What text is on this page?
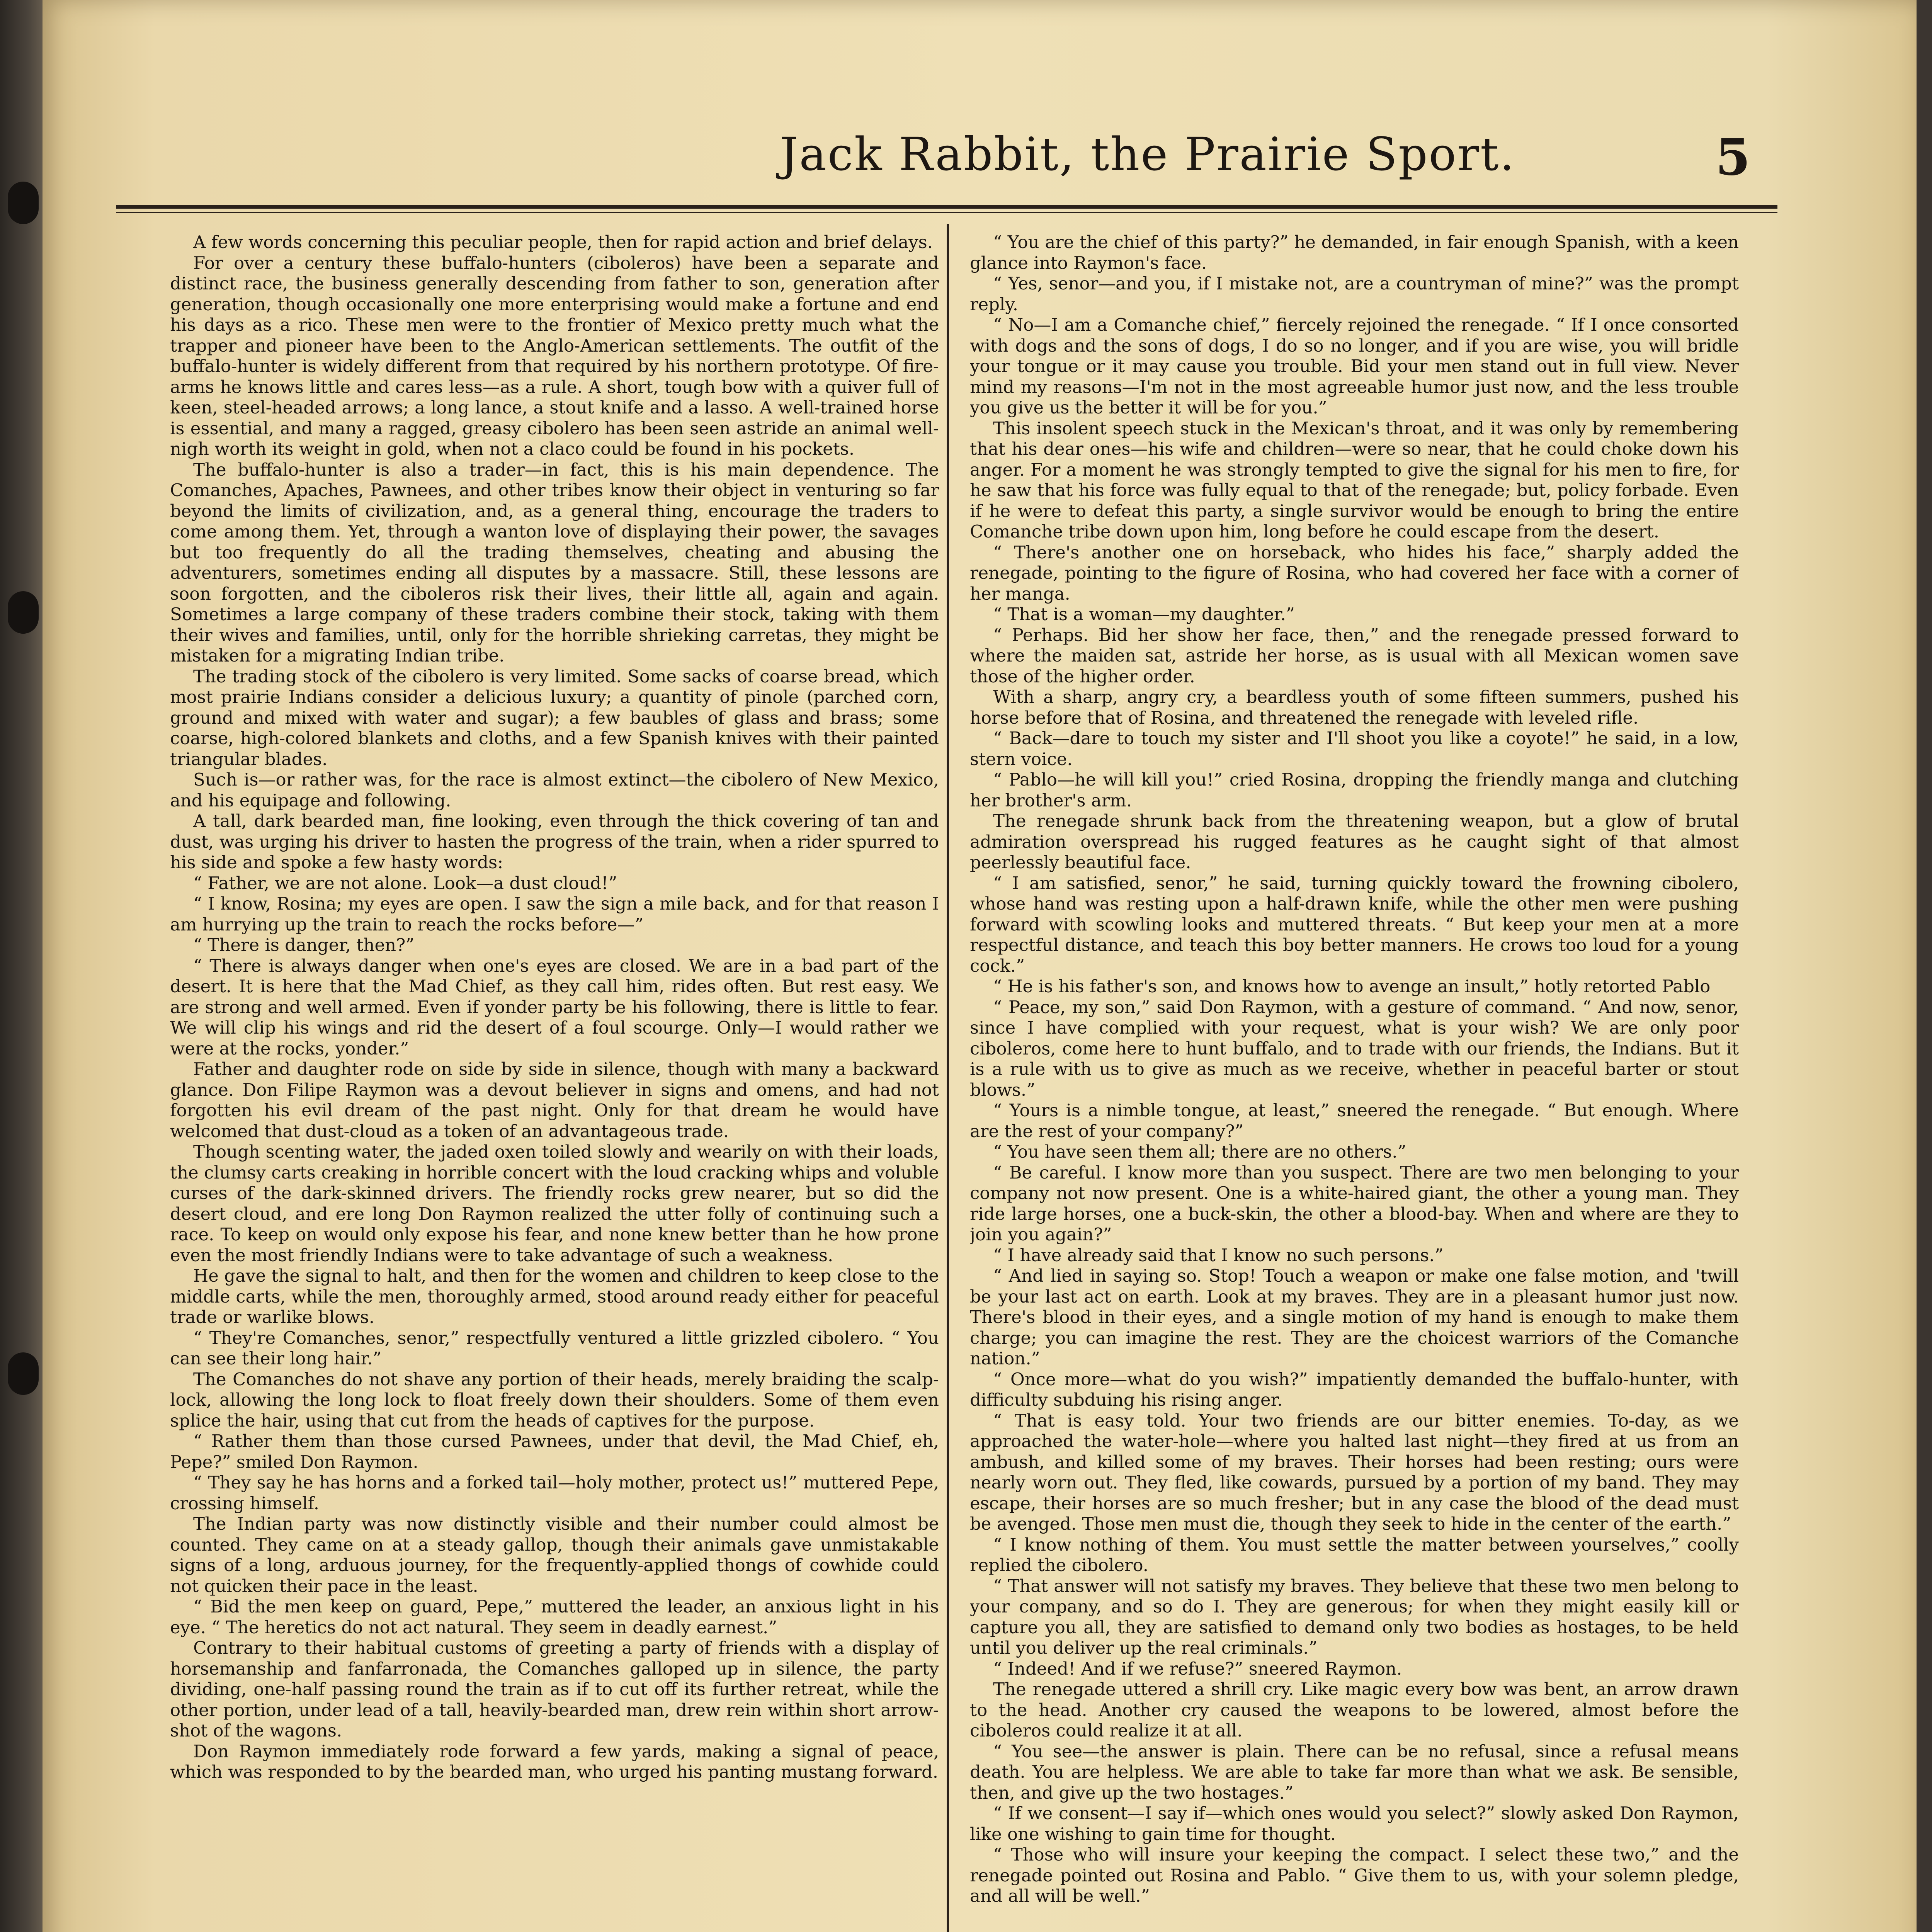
Jack Rabbit, the Prairie Sport.	5

A few words concerning this peculiar people, then for rapid action and brief delays.

For over a century these buffalo-hunters (ciboleros) have been a separate and distinct race, the business generally descending from father to son, generation after generation, though occasionally one more enterprising would make a fortune and end his days as a rico. These men were to the frontier of Mexico pretty much what the trapper and pioneer have been to the Anglo-American settlements. The outfit of the buffalo-hunter is widely different from that required by his northern prototype. Of fire-arms he knows little and cares less—as a rule. A short, tough bow with a quiver full of keen, steel-headed arrows; a long lance, a stout knife and a lasso. A well-trained horse is essential, and many a ragged, greasy cibolero has been seen astride an animal well-nigh worth its weight in gold, when not a claco could be found in his pockets.

The buffalo-hunter is also a trader—in fact, this is his main dependence. The Comanches, Apaches, Pawnees, and other tribes know their object in venturing so far beyond the limits of civilization, and, as a general thing, encourage the traders to come among them. Yet, through a wanton love of displaying their power, the savages but too frequently do all the trading themselves, cheating and abusing the adventurers, sometimes ending all disputes by a massacre. Still, these lessons are soon forgotten, and the ciboleros risk their lives, their little all, again and again. Sometimes a large company of these traders combine their stock, taking with them their wives and families, until, only for the horrible shrieking carretas, they might be mistaken for a migrating Indian tribe.

The trading stock of the cibolero is very limited. Some sacks of coarse bread, which most prairie Indians consider a delicious luxury; a quantity of pinole (parched corn, ground and mixed with water and sugar); a few baubles of glass and brass; some coarse, high-colored blankets and cloths, and a few Spanish knives with their painted triangular blades.

Such is—or rather was, for the race is almost extinct—the cibolero of New Mexico, and his equipage and following.

A tall, dark bearded man, fine looking, even through the thick covering of tan and dust, was urging his driver to hasten the progress of the train, when a rider spurred to his side and spoke a few hasty words:

“ Father, we are not alone. Look—a dust cloud!”

“ I know, Rosina; my eyes are open. I saw the sign a mile back, and for that reason I am hurrying up the train to reach the rocks before—”

“ There is danger, then?”

“ There is always danger when one's eyes are closed. We are in a bad part of the desert. It is here that the Mad Chief, as they call him, rides often. But rest easy. We are strong and well armed. Even if yonder party be his following, there is little to fear. We will clip his wings and rid the desert of a foul scourge. Only—I would rather we were at the rocks, yonder.”

Father and daughter rode on side by side in silence, though with many a backward glance. Don Filipe Raymon was a devout believer in signs and omens, and had not forgotten his evil dream of the past night. Only for that dream he would have welcomed that dust-cloud as a token of an advantageous trade.

Though scenting water, the jaded oxen toiled slowly and wearily on with their loads, the clumsy carts creaking in horrible concert with the loud cracking whips and voluble curses of the dark-skinned drivers. The friendly rocks grew nearer, but so did the desert cloud, and ere long Don Raymon realized the utter folly of continuing such a race. To keep on would only expose his fear, and none knew better than he how prone even the most friendly Indians were to take advantage of such a weakness.

He gave the signal to halt, and then for the women and children to keep close to the middle carts, while the men, thoroughly armed, stood around ready either for peaceful trade or warlike blows.

“ They're Comanches, senor,” respectfully ventured a little grizzled cibolero. “ You can see their long hair.”

The Comanches do not shave any portion of their heads, merely braiding the scalp-lock, allowing the long lock to float freely down their shoulders. Some of them even splice the hair, using that cut from the heads of captives for the purpose.

“ Rather them than those cursed Pawnees, under that devil, the Mad Chief, eh, Pepe?” smiled Don Raymon.

“ They say he has horns and a forked tail—holy mother, protect us!” muttered Pepe, crossing himself.

The Indian party was now distinctly visible and their number could almost be counted. They came on at a steady gallop, though their animals gave unmistakable signs of a long, arduous journey, for the frequently-applied thongs of cowhide could not quicken their pace in the least.

“ Bid the men keep on guard, Pepe,” muttered the leader, an anxious light in his eye. “ The heretics do not act natural. They seem in deadly earnest.”

Contrary to their habitual customs of greeting a party of friends with a display of horsemanship and fanfarronada, the Comanches galloped up in silence, the party dividing, one-half passing round the train as if to cut off its further retreat, while the other portion, under lead of a tall, heavily-bearded man, drew rein within short arrow-shot of the wagons.

Don Raymon immediately rode forward a few yards, making a signal of peace, which was responded to by the bearded man, who urged his panting mustang forward.

“ You are the chief of this party?” he demanded, in fair enough Spanish, with a keen glance into Raymon's face.

“ Yes, senor—and you, if I mistake not, are a countryman of mine?” was the prompt reply.

“ No—I am a Comanche chief,” fiercely rejoined the renegade. “ If I once consorted with dogs and the sons of dogs, I do so no longer, and if you are wise, you will bridle your tongue or it may cause you trouble. Bid your men stand out in full view. Never mind my reasons—I'm not in the most agreeable humor just now, and the less trouble you give us the better it will be for you.”

This insolent speech stuck in the Mexican's throat, and it was only by remembering that his dear ones—his wife and children—were so near, that he could choke down his anger. For a moment he was strongly tempted to give the signal for his men to fire, for he saw that his force was fully equal to that of the renegade; but, policy forbade. Even if he were to defeat this party, a single survivor would be enough to bring the entire Comanche tribe down upon him, long before he could escape from the desert.

“ There's another one on horseback, who hides his face,” sharply added the renegade, pointing to the figure of Rosina, who had covered her face with a corner of her manga.

“ That is a woman—my daughter.”

“ Perhaps. Bid her show her face, then,” and the renegade pressed forward to where the maiden sat, astride her horse, as is usual with all Mexican women save those of the higher order.

With a sharp, angry cry, a beardless youth of some fifteen summers, pushed his horse before that of Rosina, and threatened the renegade with leveled rifle.

“ Back—dare to touch my sister and I'll shoot you like a coyote!” he said, in a low, stern voice.

“ Pablo—he will kill you!” cried Rosina, dropping the friendly manga and clutching her brother's arm.

The renegade shrunk back from the threatening weapon, but a glow of brutal admiration overspread his rugged features as he caught sight of that almost peerlessly beautiful face.

“ I am satisfied, senor,” he said, turning quickly toward the frowning cibolero, whose hand was resting upon a half-drawn knife, while the other men were pushing forward with scowling looks and muttered threats. “ But keep your men at a more respectful distance, and teach this boy better manners. He crows too loud for a young cock.”

“ He is his father's son, and knows how to avenge an insult,” hotly retorted Pablo

“ Peace, my son,” said Don Raymon, with a gesture of command. “ And now, senor, since I have complied with your request, what is your wish? We are only poor ciboleros, come here to hunt buffalo, and to trade with our friends, the Indians. But it is a rule with us to give as much as we receive, whether in peaceful barter or stout blows.”

“ Yours is a nimble tongue, at least,” sneered the renegade. “ But enough. Where are the rest of your company?”

“ You have seen them all; there are no others.”

“ Be careful. I know more than you suspect. There are two men belonging to your company not now present. One is a white-haired giant, the other a young man. They ride large horses, one a buck-skin, the other a blood-bay. When and where are they to join you again?”

“ I have already said that I know no such persons.”

“ And lied in saying so. Stop! Touch a weapon or make one false motion, and 'twill be your last act on earth. Look at my braves. They are in a pleasant humor just now. There's blood in their eyes, and a single motion of my hand is enough to make them charge; you can imagine the rest. They are the choicest warriors of the Comanche nation.”

“ Once more—what do you wish?” impatiently demanded the buffalo-hunter, with difficulty subduing his rising anger.

“ That is easy told. Your two friends are our bitter enemies. To-day, as we approached the water-hole—where you halted last night—they fired at us from an ambush, and killed some of my braves. Their horses had been resting; ours were nearly worn out. They fled, like cowards, pursued by a portion of my band. They may escape, their horses are so much fresher; but in any case the blood of the dead must be avenged. Those men must die, though they seek to hide in the center of the earth.”

“ I know nothing of them. You must settle the matter between yourselves,” coolly replied the cibolero.

“ That answer will not satisfy my braves. They believe that these two men belong to your company, and so do I. They are generous; for when they might easily kill or capture you all, they are satisfied to demand only two bodies as hostages, to be held until you deliver up the real criminals.”

“ Indeed! And if we refuse?” sneered Raymon.

The renegade uttered a shrill cry. Like magic every bow was bent, an arrow drawn to the head. Another cry caused the weapons to be lowered, almost before the ciboleros could realize it at all.

“ You see—the answer is plain. There can be no refusal, since a refusal means death. You are helpless. We are able to take far more than what we ask. Be sensible, then, and give up the two hostages.”

“ If we consent—I say if—which ones would you select?” slowly asked Don Raymon, like one wishing to gain time for thought.

“ Those who will insure your keeping the compact. I select these two,” and the renegade pointed out Rosina and Pablo. “ Give them to us, with your solemn pledge, and all will be well.”
